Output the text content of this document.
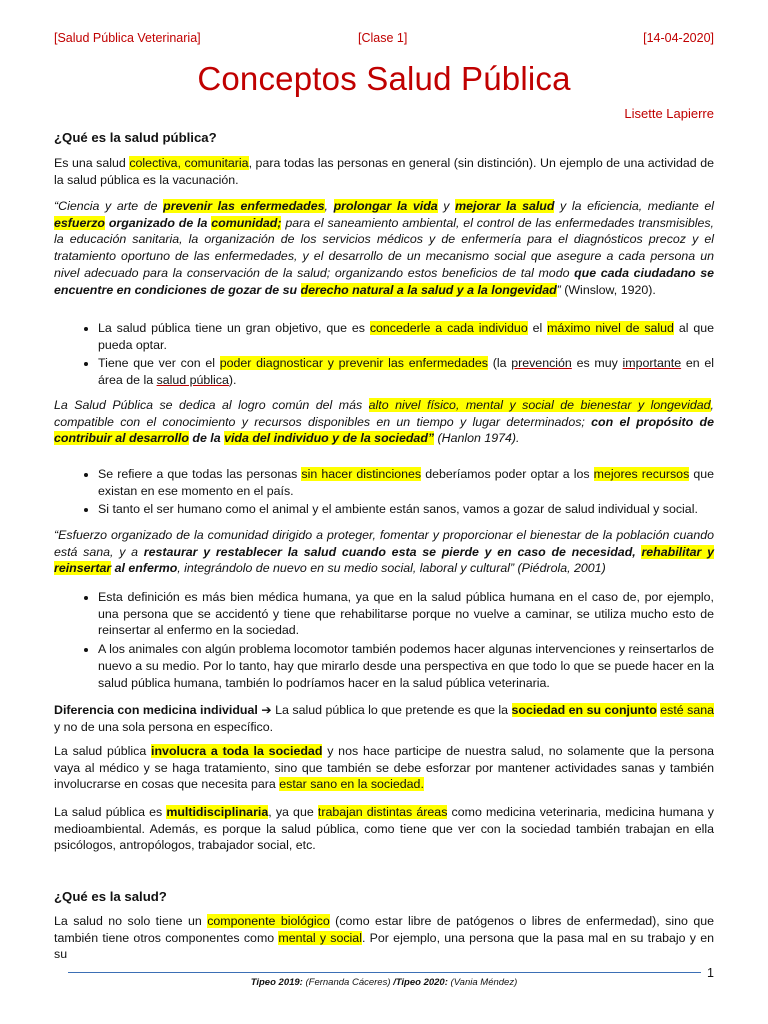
[Salud Pública Veterinaria]	[Clase 1]	[14-04-2020]
Conceptos Salud Pública
Lisette Lapierre
¿Qué es la salud pública?
Es una salud colectiva, comunitaria, para todas las personas en general (sin distinción). Un ejemplo de una actividad de la salud pública es la vacunación.
“Ciencia y arte de prevenir las enfermedades, prolongar la vida y mejorar la salud y la eficiencia, mediante el esfuerzo organizado de la comunidad; para el saneamiento ambiental, el control de las enfermedades transmisibles, la educación sanitaria, la organización de los servicios médicos y de enfermería para el diagnósticos precoz y el tratamiento oportuno de las enfermedades, y el desarrollo de un mecanismo social que asegure a cada persona un nivel adecuado para la conservación de la salud; organizando estos beneficios de tal modo que cada ciudadano se encuentre en condiciones de gozar de su derecho natural a la salud y a la longevidad” (Winslow, 1920).
• La salud pública tiene un gran objetivo, que es concederle a cada individuo el máximo nivel de salud al que pueda optar.
• Tiene que ver con el poder diagnosticar y prevenir las enfermedades (la prevención es muy importante en el área de la salud pública).
La Salud Pública se dedica al logro común del más alto nivel físico, mental y social de bienestar y longevidad, compatible con el conocimiento y recursos disponibles en un tiempo y lugar determinados; con el propósito de contribuir al desarrollo de la vida del individuo y de la sociedad” (Hanlon 1974).
• Se refiere a que todas las personas sin hacer distinciones deberíamos poder optar a los mejores recursos que existan en ese momento en el país.
• Si tanto el ser humano como el animal y el ambiente están sanos, vamos a gozar de salud individual y social.
“Esfuerzo organizado de la comunidad dirigido a proteger, fomentar y proporcionar el bienestar de la población cuando está sana, y a restaurar y restablecer la salud cuando esta se pierde y en caso de necesidad, rehabilitar y reinsertar al enfermo, integrándolo de nuevo en su medio social, laboral y cultural” (Piédrola, 2001)
• Esta definición es más bien médica humana, ya que en la salud pública humana en el caso de, por ejemplo, una persona que se accidentó y tiene que rehabilitarse porque no vuelve a caminar, se utiliza mucho esto de reinsertar al enfermo en la sociedad.
• A los animales con algún problema locomotor también podemos hacer algunas intervenciones y reinsertarlos de nuevo a su medio. Por lo tanto, hay que mirarlo desde una perspectiva en que todo lo que se puede hacer en la salud pública humana, también lo podríamos hacer en la salud pública veterinaria.
Diferencia con medicina individual ➔ La salud pública lo que pretende es que la sociedad en su conjunto esté sana y no de una sola persona en específico.
La salud pública involucra a toda la sociedad y nos hace participe de nuestra salud, no solamente que la persona vaya al médico y se haga tratamiento, sino que también se debe esforzar por mantener actividades sanas y también involucrarse en cosas que necesita para estar sano en la sociedad.
La salud pública es multidisciplinaria, ya que trabajan distintas áreas como medicina veterinaria, medicina humana y medioambiental. Además, es porque la salud pública, como tiene que ver con la sociedad también trabajan en ella psicólogos, antropólogos, trabajador social, etc.
¿Qué es la salud?
La salud no solo tiene un componente biológico (como estar libre de patógenos o libres de enfermedad), sino que también tiene otros componentes como mental y social. Por ejemplo, una persona que la pasa mal en su trabajo y en su
1
Tipeo 2019: (Fernanda Cáceres) /Tipeo 2020: (Vania Méndez)
